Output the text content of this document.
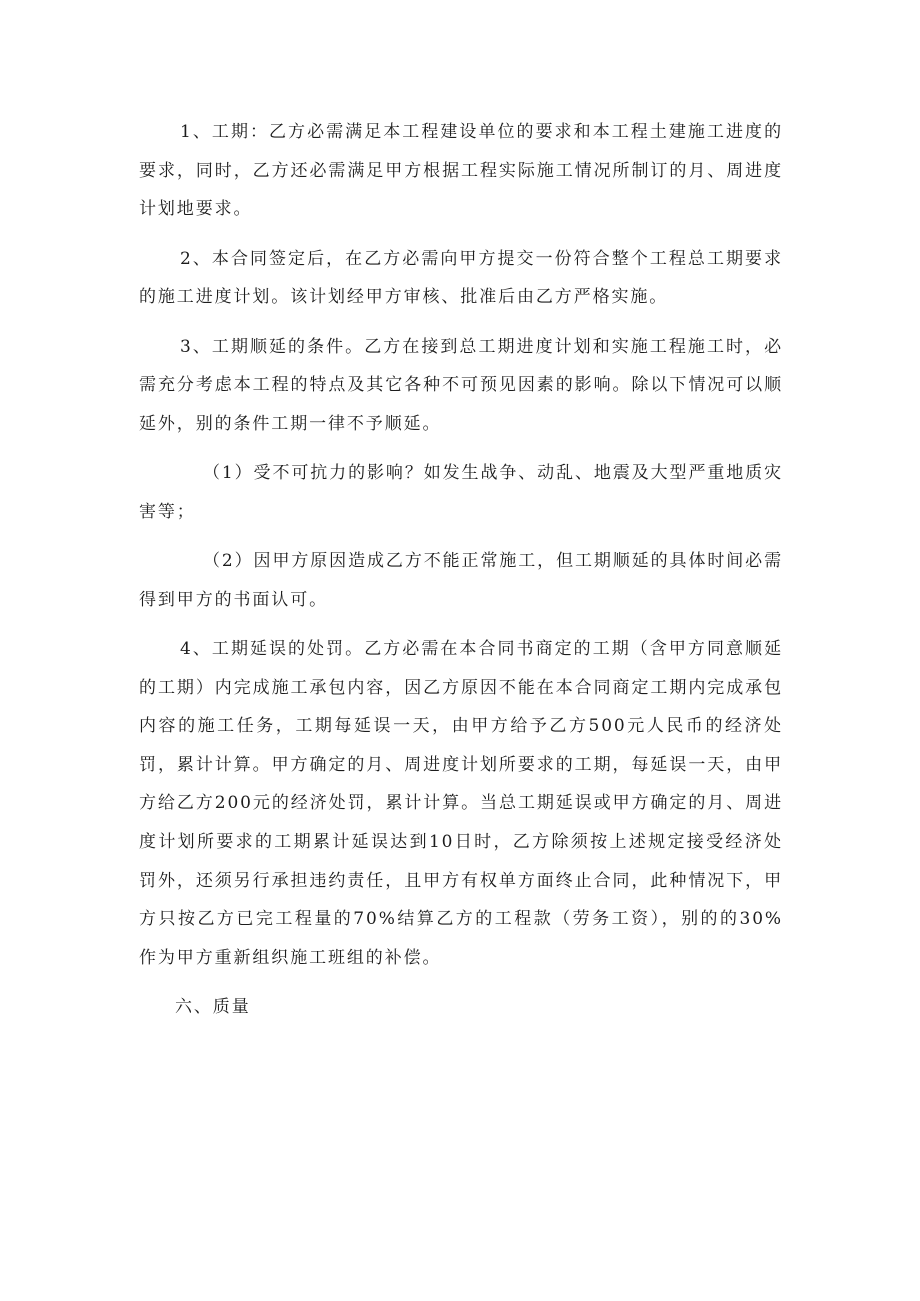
1、工期：乙方必需满足本工程建设单位的要求和本工程土建施工进度的要求，同时，乙方还必需满足甲方根据工程实际施工情况所制订的月、周进度计划地要求。

2、本合同签定后，在乙方必需向甲方提交一份符合整个工程总工期要求的施工进度计划。该计划经甲方审核、批准后由乙方严格实施。

3、工期顺延的条件。乙方在接到总工期进度计划和实施工程施工时，必需充分考虑本工程的特点及其它各种不可预见因素的影响。除以下情况可以顺延外，别的条件工期一律不予顺延。

（1）受不可抗力的影响？如发生战争、动乱、地震及大型严重地质灾害等；

（2）因甲方原因造成乙方不能正常施工，但工期顺延的具体时间必需得到甲方的书面认可。

4、工期延误的处罚。乙方必需在本合同书商定的工期（含甲方同意顺延的工期）内完成施工承包内容，因乙方原因不能在本合同商定工期内完成承包内容的施工任务，工期每延误一天，由甲方给予乙方500元人民币的经济处罚，累计计算。甲方确定的月、周进度计划所要求的工期，每延误一天，由甲方给乙方200元的经济处罚，累计计算。当总工期延误或甲方确定的月、周进度计划所要求的工期累计延误达到10日时，乙方除须按上述规定接受经济处罚外，还须另行承担违约责任，且甲方有权单方面终止合同，此种情况下，甲方只按乙方已完工程量的70%结算乙方的工程款（劳务工资），别的的30%作为甲方重新组织施工班组的补偿。

六、质量
